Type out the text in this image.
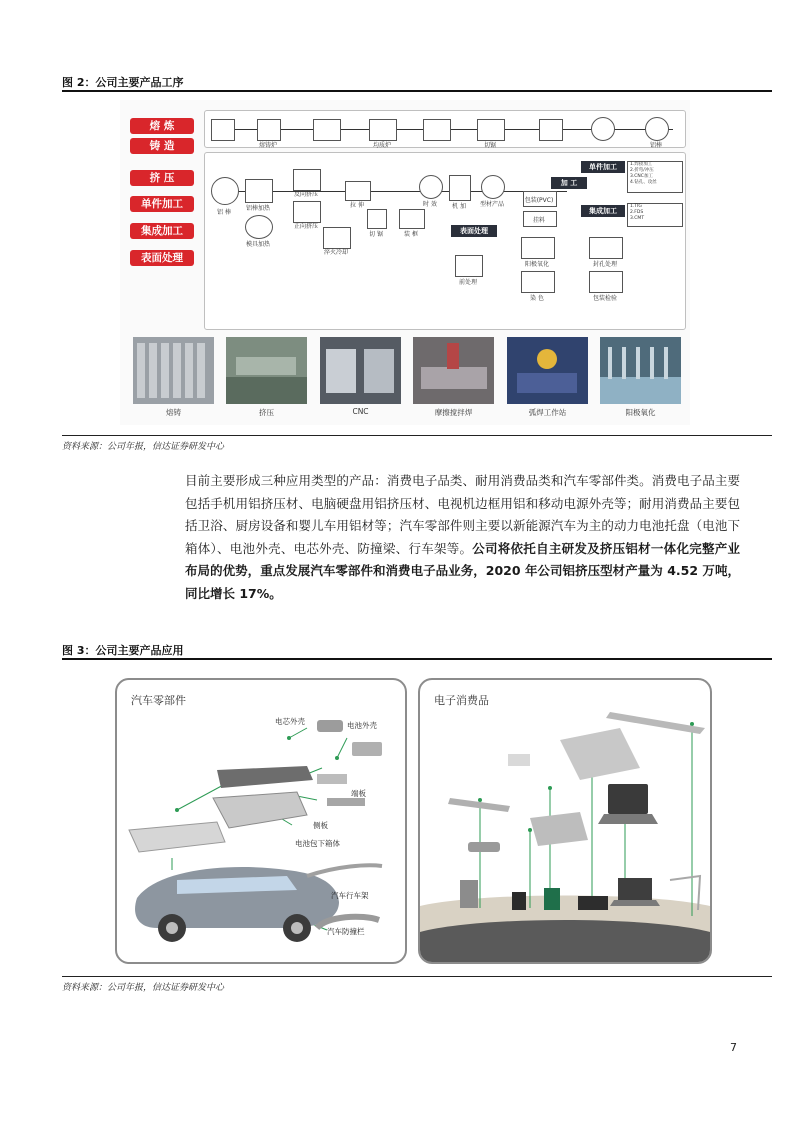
图 2：公司主要产品工序
熔 炼
铸 造
挤 压
单件加工
集成加工
表面处理
熔铸炉	均质炉	切锯	铝棒
铝 棒
铝棒加热
模具加热
反向挤压
正向挤压
淬火冷却
拉 伸
切 锯	装 框
时 效	机 加 型材产品
包装(PVC)
挂料
加 工
单件加工
集成加工
1.焊接加工
2.折弯/冲压
3.CNC加工
4.钻孔、攻丝
1.TIG
2.FDS
3.CMT
表面处理
前处理
阳极氧化
染 色
封孔处理
包装检验
熔铸	挤压	CNC	摩擦搅拌焊	弧焊工作站	阳极氧化
资料来源：公司年报，信达证券研发中心
目前主要形成三种应用类型的产品：消费电子品类、耐用消费品类和汽车零部件类。消费电子品主要包括手机用铝挤压材、电脑硬盘用铝挤压材、电视机边框用铝和移动电源外壳等；耐用消费品主要包括卫浴、厨房设备和婴儿车用铝材等；汽车零部件则主要以新能源汽车为主的动力电池托盘（电池下箱体）、电池外壳、电芯外壳、防撞梁、行车架等。公司将依托自主研发及挤压铝材一体化完整产业布局的优势，重点发展汽车零部件和消费电子品业务，2020 年公司铝挤压型材产量为 4.52 万吨，同比增长 17%。
图 3：公司主要产品应用
汽车零部件
电芯外壳	电池外壳
端板
侧板
电池包下箱体
汽车行车架
汽车防撞栏
电子消费品
资料来源：公司年报，信达证券研发中心
7
